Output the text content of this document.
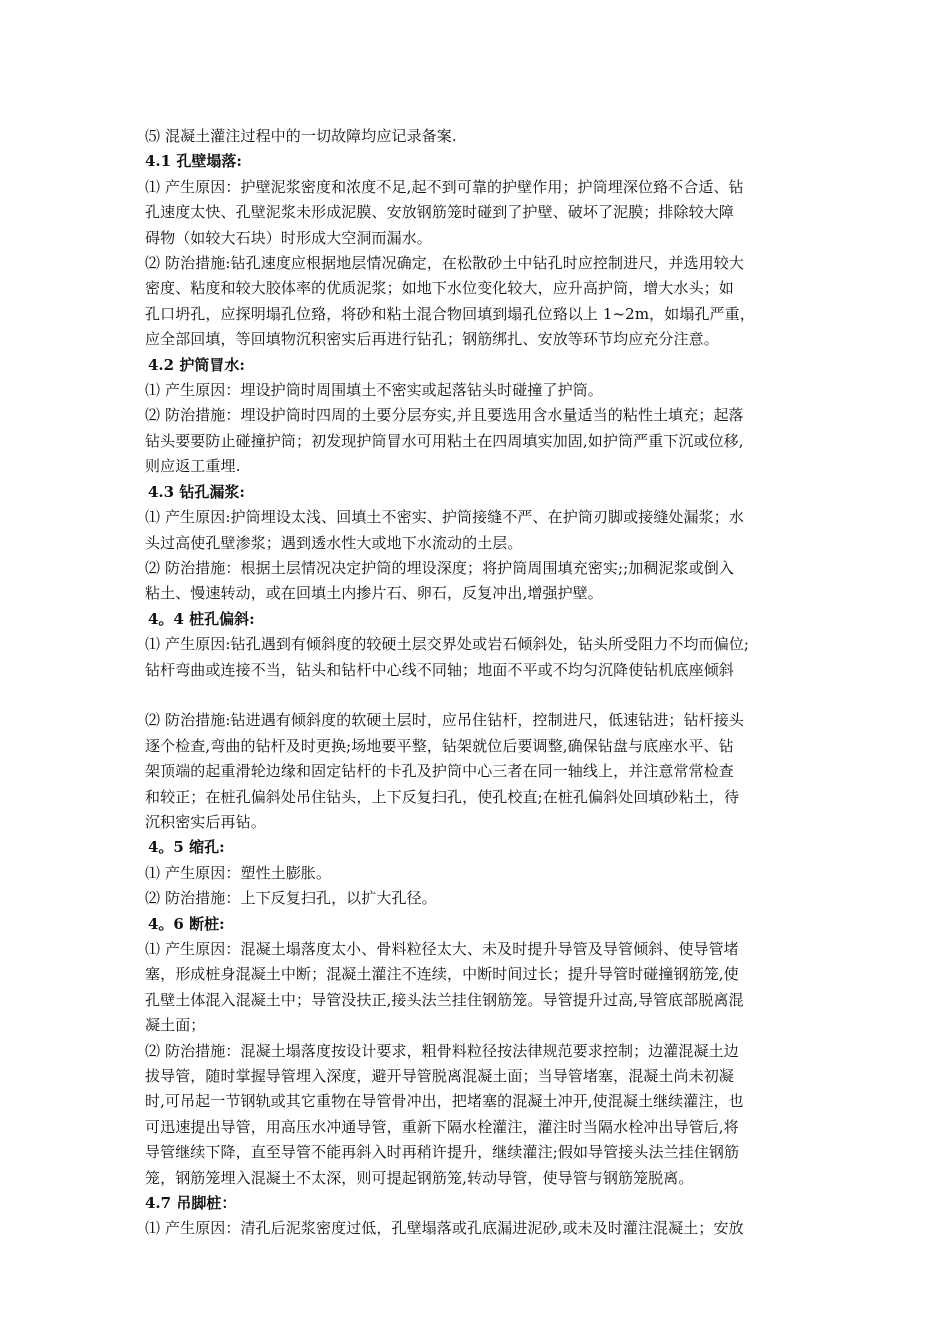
⑸ 混凝土灌注过程中的一切故障均应记录备案.
4.1 孔壁塌落:
⑴ 产生原因：护壁泥浆密度和浓度不足,起不到可靠的护壁作用；护筒埋深位臵不合适、钻
孔速度太快、孔壁泥浆未形成泥膜、安放钢筋笼时碰到了护壁、破坏了泥膜；排除较大障
碍物（如较大石块）时形成大空洞而漏水。
⑵ 防治措施:钻孔速度应根据地层情况确定，在松散砂土中钻孔时应控制进尺，并选用较大
密度、粘度和较大胶体率的优质泥浆；如地下水位变化较大，应升高护筒，增大水头；如
孔口坍孔，应探明塌孔位臵，将砂和粘土混合物回填到塌孔位臵以上 1~2m，如塌孔严重，
应全部回填，等回填物沉积密实后再进行钻孔；钢筋绑扎、安放等环节均应充分注意。
4.2 护筒冒水:
⑴ 产生原因：埋设护筒时周围填土不密实或起落钻头时碰撞了护筒。
⑵ 防治措施：埋设护筒时四周的土要分层夯实,并且要选用含水量适当的粘性土填充；起落
钻头要要防止碰撞护筒；初发现护筒冒水可用粘土在四周填实加固,如护筒严重下沉或位移,
则应返工重埋.
4.3 钻孔漏浆:
⑴ 产生原因:护筒埋设太浅、回填土不密实、护筒接缝不严、在护筒刃脚或接缝处漏浆；水
头过高使孔壁渗浆；遇到透水性大或地下水流动的土层。
⑵ 防治措施：根据土层情况决定护筒的埋设深度；将护筒周围填充密实;;加稠泥浆或倒入
粘土、慢速转动，或在回填土内掺片石、卵石，反复冲出,增强护壁。
4。4 桩孔偏斜:
⑴ 产生原因:钻孔遇到有倾斜度的较硬土层交界处或岩石倾斜处，钻头所受阻力不均而偏位;
钻杆弯曲或连接不当，钻头和钻杆中心线不同轴；地面不平或不均匀沉降使钻机底座倾斜
⑵ 防治措施:钻进遇有倾斜度的软硬土层时，应吊住钻杆，控制进尺，低速钻进；钻杆接头
逐个检查,弯曲的钻杆及时更换;场地要平整，钻架就位后要调整,确保钻盘与底座水平、钻
架顶端的起重滑轮边缘和固定钻杆的卡孔及护筒中心三者在同一轴线上，并注意常常检查
和较正；在桩孔偏斜处吊住钻头，上下反复扫孔，使孔校直;在桩孔偏斜处回填砂粘土，待
沉积密实后再钻。
4。5 缩孔:
⑴ 产生原因：塑性土膨胀。
⑵ 防治措施：上下反复扫孔，以扩大孔径。
4。6 断桩:
⑴ 产生原因：混凝土塌落度太小、骨料粒径太大、未及时提升导管及导管倾斜、使导管堵
塞，形成桩身混凝土中断；混凝土灌注不连续，中断时间过长；提升导管时碰撞钢筋笼,使
孔壁土体混入混凝土中；导管没扶正,接头法兰挂住钢筋笼。导管提升过高,导管底部脱离混
凝土面；
⑵ 防治措施：混凝土塌落度按设计要求，粗骨料粒径按法律规范要求控制；边灌混凝土边
拔导管，随时掌握导管埋入深度，避开导管脱离混凝土面；当导管堵塞，混凝土尚未初凝
时,可吊起一节钢轨或其它重物在导管骨冲出，把堵塞的混凝土冲开,使混凝土继续灌注，也
可迅速提出导管，用高压水冲通导管，重新下隔水栓灌注，灌注时当隔水栓冲出导管后,将
导管继续下降，直至导管不能再斜入时再稍许提升，继续灌注;假如导管接头法兰挂住钢筋
笼，钢筋笼埋入混凝土不太深，则可提起钢筋笼,转动导管，使导管与钢筋笼脱离。
4.7 吊脚桩：
⑴ 产生原因：清孔后泥浆密度过低，孔壁塌落或孔底漏进泥砂,或未及时灌注混凝土；安放
